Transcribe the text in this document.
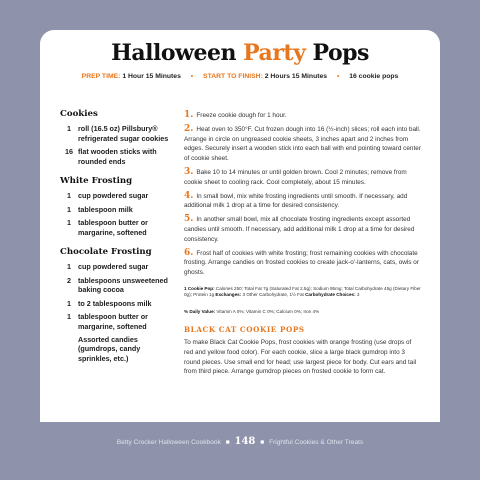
Halloween Party Pops
PREP TIME: 1 Hour 15 Minutes • START TO FINISH: 2 Hours 15 Minutes • 16 cookie pops
Cookies
1 roll (16.5 oz) Pillsbury® refrigerated sugar cookies
16 flat wooden sticks with rounded ends
White Frosting
1 cup powdered sugar
1 tablespoon milk
1 tablespoon butter or margarine, softened
Chocolate Frosting
1 cup powdered sugar
2 tablespoons unsweetened baking cocoa
1 to 2 tablespoons milk
1 tablespoon butter or margarine, softened
Assorted candies (gumdrops, candy sprinkles, etc.)

1. Freeze cookie dough for 1 hour.

2. Heat oven to 350°F. Cut frozen dough into 16 (½-inch) slices; roll each into ball. Arrange in circle on ungreased cookie sheets, 3 inches apart and 2 inches from edges. Securely insert a wooden stick into each ball with end pointing toward center of cookie sheet.

3. Bake 10 to 14 minutes or until golden brown. Cool 2 minutes; remove from cookie sheet to cooling rack. Cool completely, about 15 minutes.

4. In small bowl, mix white frosting ingredients until smooth. If necessary, add additional milk 1 drop at a time for desired consistency.

5. In another small bowl, mix all chocolate frosting ingredients except assorted candies until smooth. If necessary, add additional milk 1 drop at a time for desired consistency.

6. Frost half of cookies with white frosting; frost remaining cookies with chocolate frosting. Arrange candies on frosted cookies to create jack-o'-lanterns, cats, owls or ghosts.

1 Cookie Pop: Calories 250; Total Fat 7g (Saturated Fat 2.5g); Sodium 95mg; Total Carbohydrate 45g (Dietary Fiber 0g); Protein 1g Exchanges: 3 Other Carbohydrate, 1½ Fat Carbohydrate Choices: 3

% Daily Value: Vitamin A 0%; Vitamin C 0%; Calcium 0%; Iron 4%

BLACK CAT COOKIE POPS

To make Black Cat Cookie Pops, frost cookies with orange frosting (use drops of red and yellow food color). For each cookie, slice a large black gumdrop into 3 round pieces. Use small end for head; use largest piece for body. Cut ears and tail from third piece. Arrange gumdrop pieces on frosted cookie to form cat.

Betty Crocker Halloween Cookbook ■ 148 ■ Frightful Cookies & Other Treats
